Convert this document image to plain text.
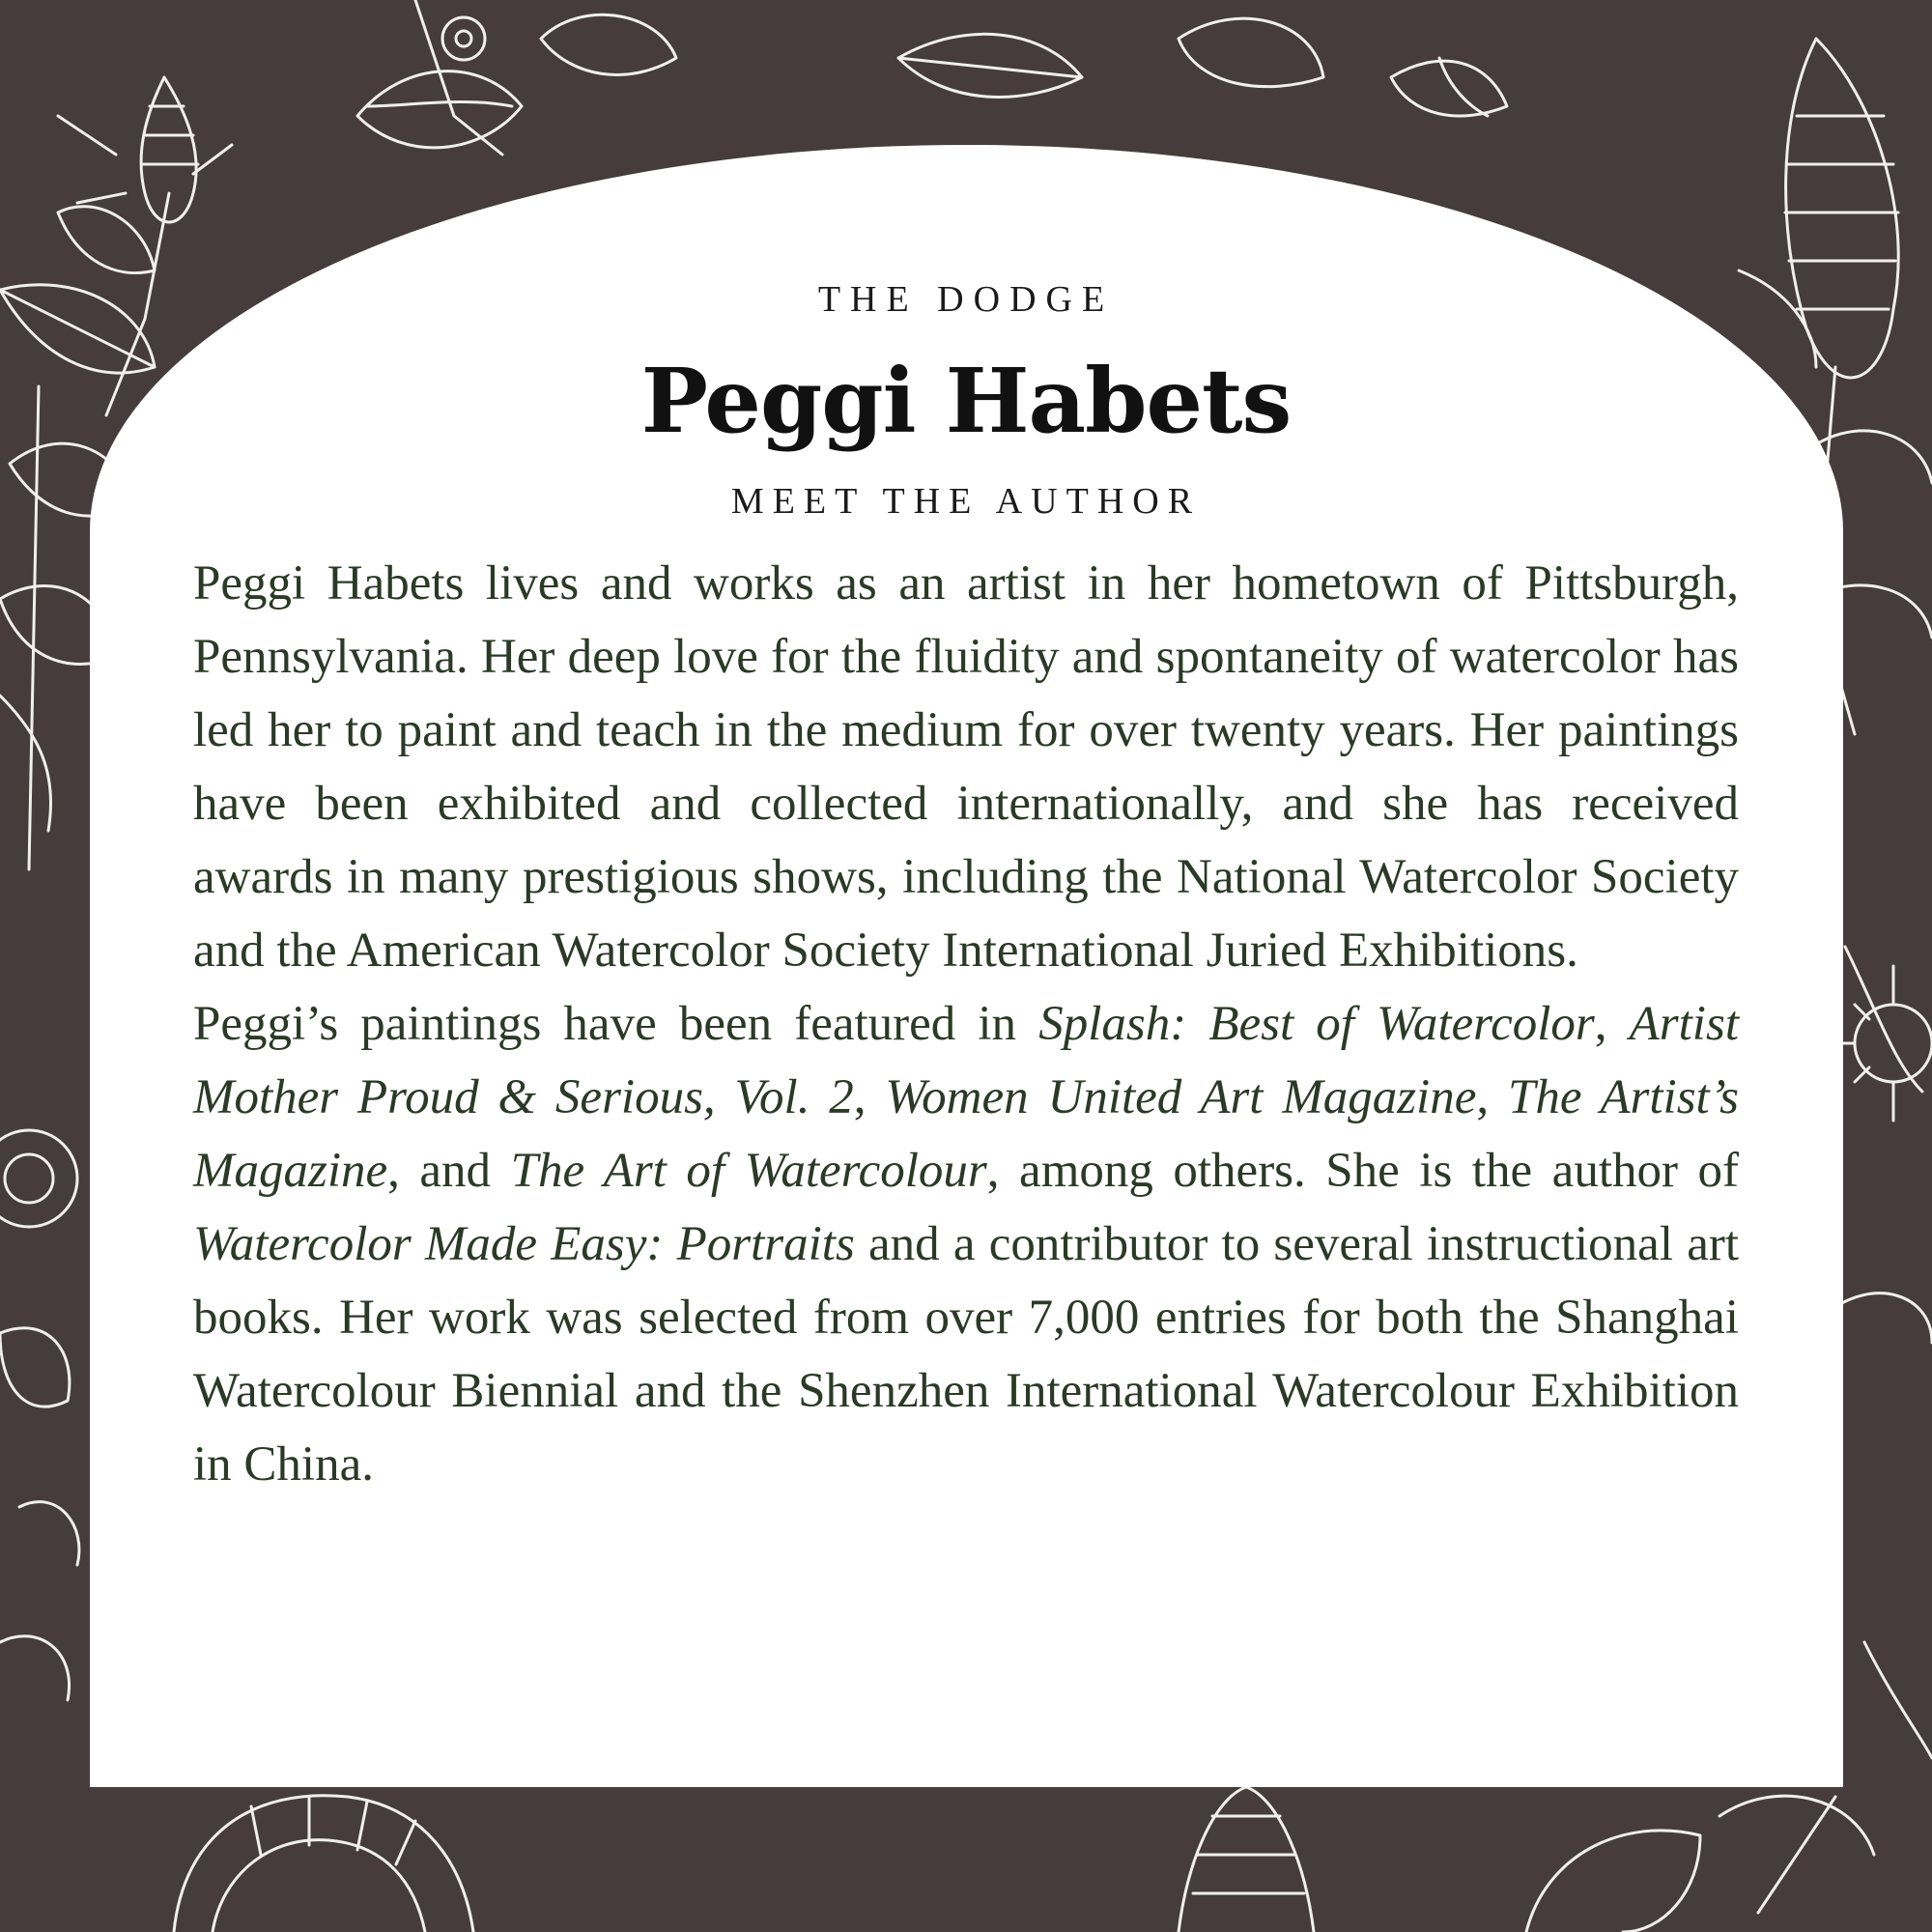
THE DODGE

Peggi Habets

MEET THE AUTHOR

Peggi Habets lives and works as an artist in her hometown of Pittsburgh, Pennsylvania. Her deep love for the fluidity and spontaneity of watercolor has led her to paint and teach in the medium for over twenty years. Her paintings have been exhibited and collected internationally, and she has received awards in many prestigious shows, including the National Watercolor Society and the American Watercolor Society International Juried Exhibitions.

Peggi’s paintings have been featured in Splash: Best of Watercolor, Artist Mother Proud & Serious, Vol. 2, Women United Art Magazine, The Artist’s Magazine, and The Art of Watercolour, among others. She is the author of Watercolor Made Easy: Portraits and a contributor to several instructional art books. Her work was selected from over 7,000 entries for both the Shanghai Watercolour Biennial and the Shenzhen International Watercolour Exhibition in China.
